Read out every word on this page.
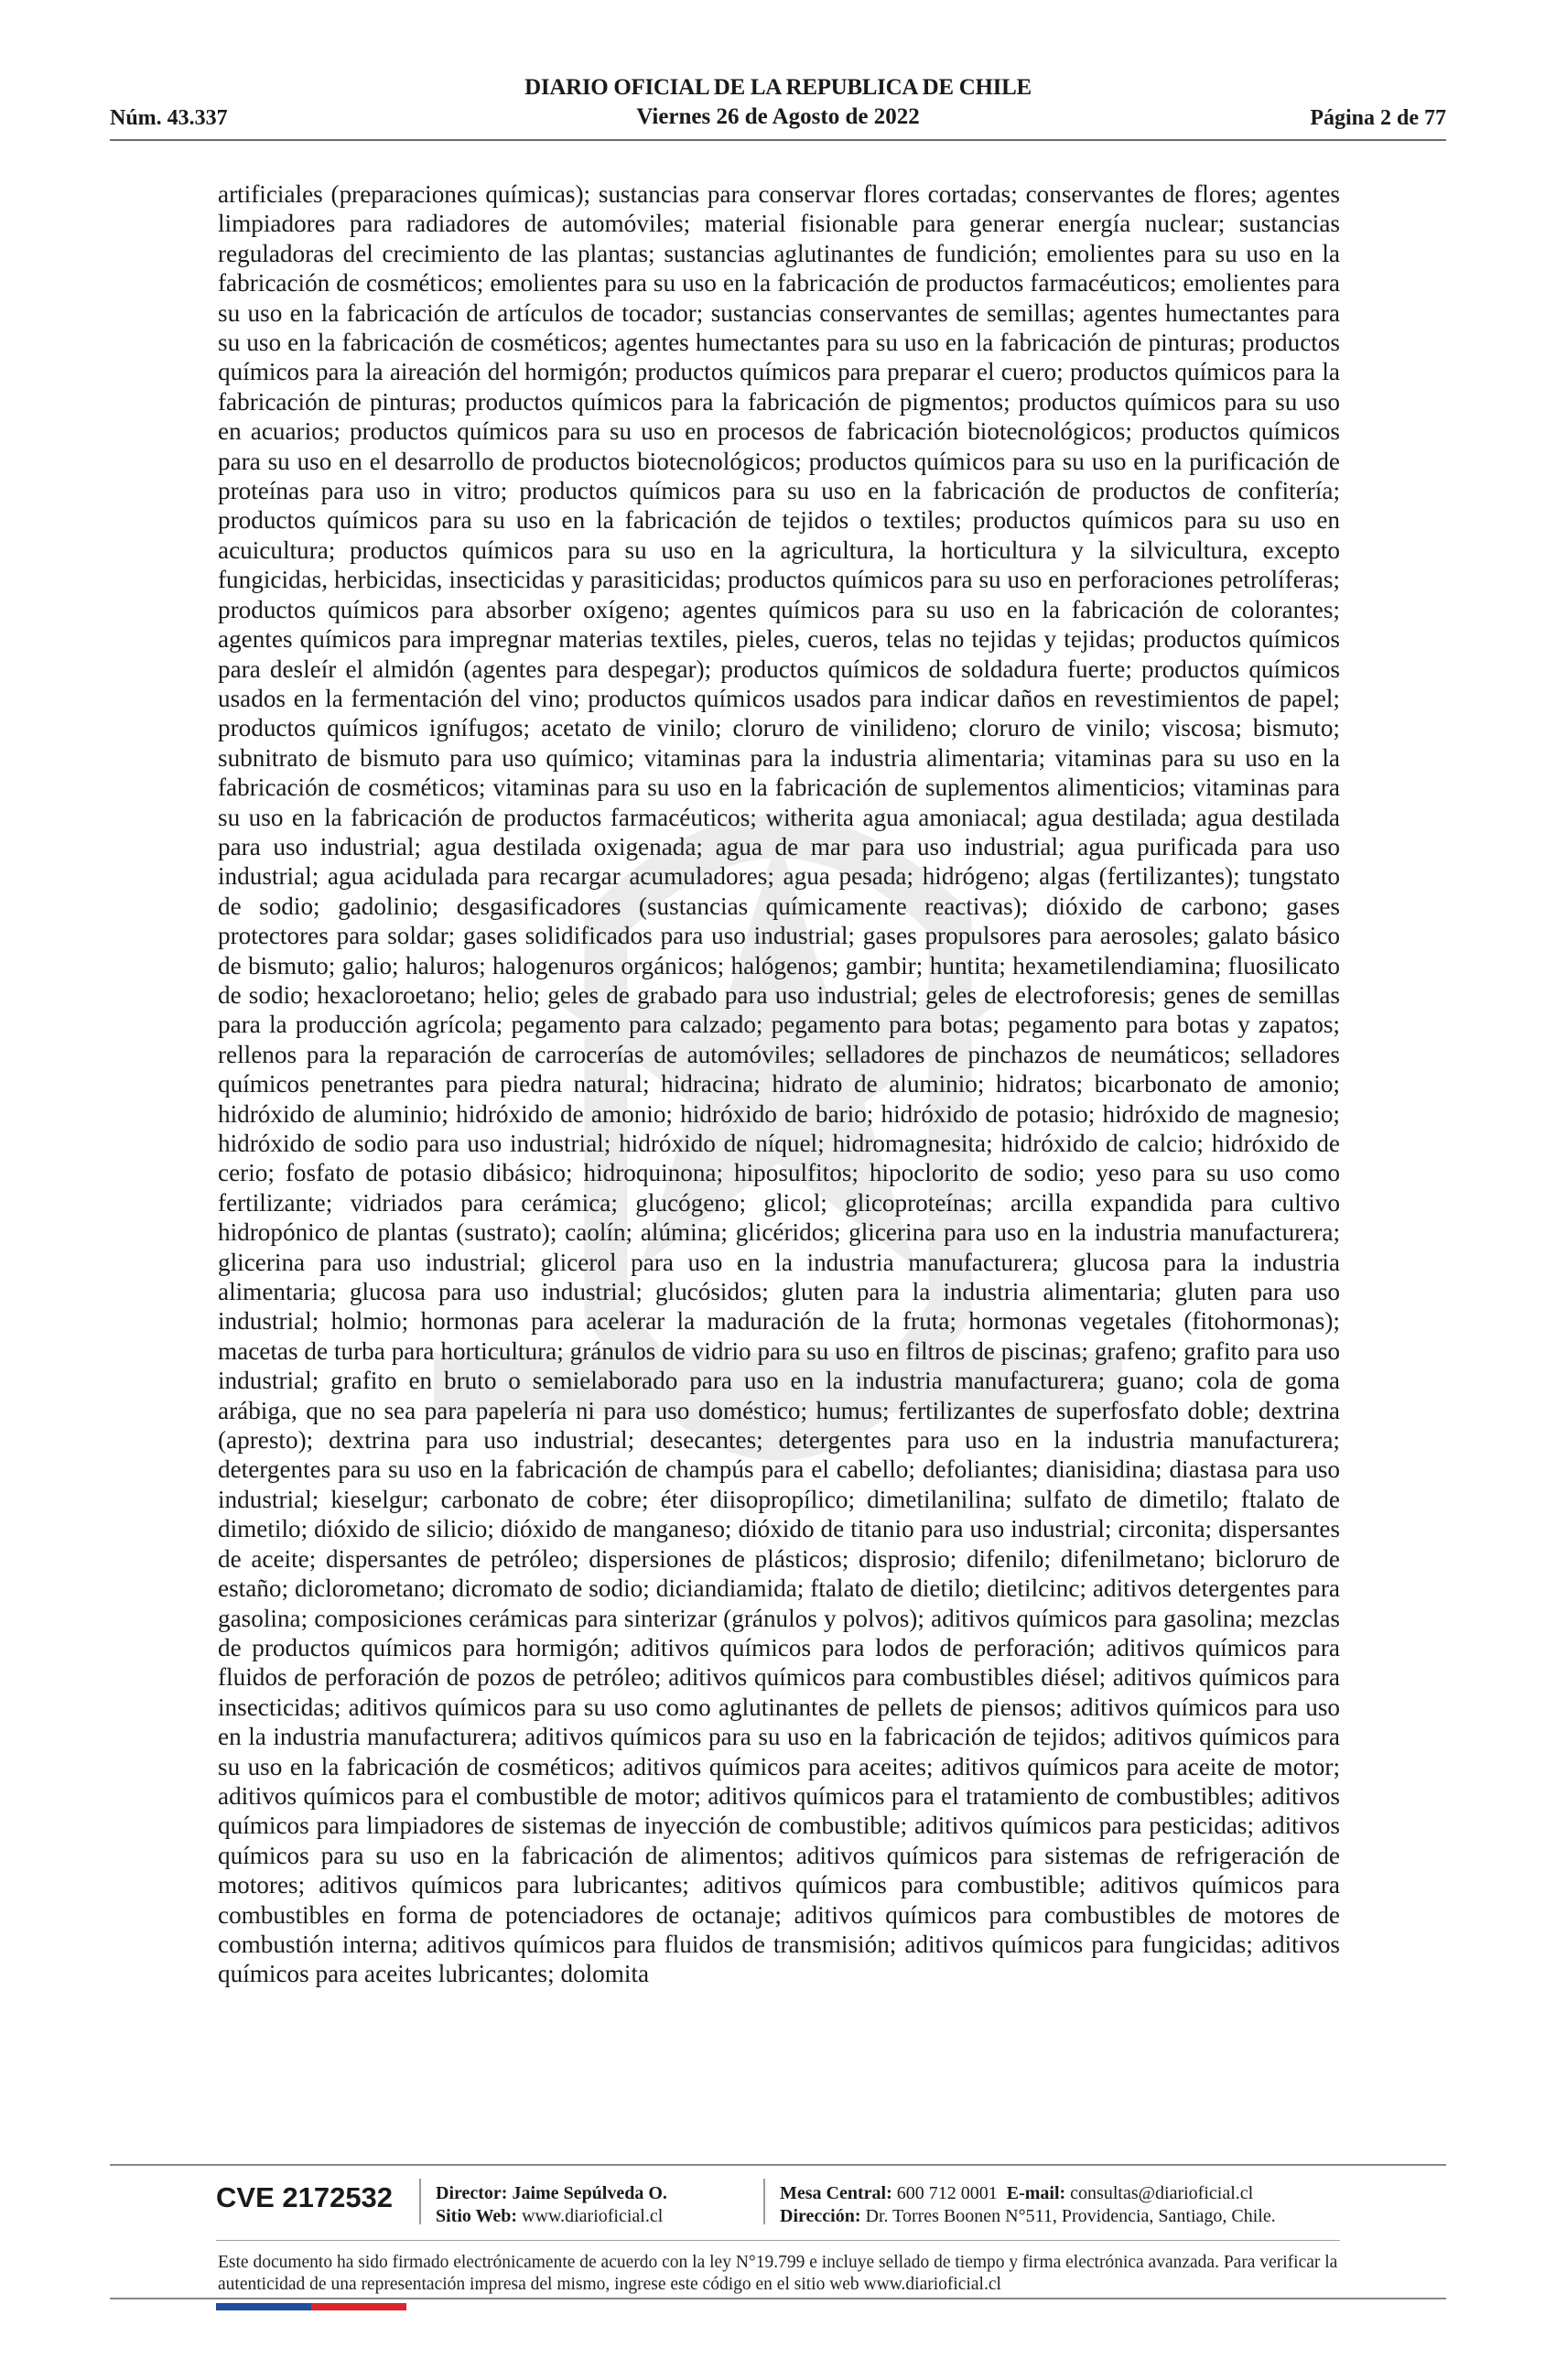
DIARIO OFICIAL DE LA REPUBLICA DE CHILE
Núm. 43.337	Viernes 26 de Agosto de 2022	Página 2 de 77
artificiales (preparaciones químicas); sustancias para conservar flores cortadas; conservantes de flores; agentes limpiadores para radiadores de automóviles; material fisionable para generar energía nuclear; sustancias reguladoras del crecimiento de las plantas; sustancias aglutinantes de fundición; emolientes para su uso en la fabricación de cosméticos; emolientes para su uso en la fabricación de productos farmacéuticos; emolientes para su uso en la fabricación de artículos de tocador; sustancias conservantes de semillas; agentes humectantes para su uso en la fabricación de cosméticos; agentes humectantes para su uso en la fabricación de pinturas; productos químicos para la aireación del hormigón; productos químicos para preparar el cuero; productos químicos para la fabricación de pinturas; productos químicos para la fabricación de pigmentos; productos químicos para su uso en acuarios; productos químicos para su uso en procesos de fabricación biotecnológicos; productos químicos para su uso en el desarrollo de productos biotecnológicos; productos químicos para su uso en la purificación de proteínas para uso in vitro; productos químicos para su uso en la fabricación de productos de confitería; productos químicos para su uso en la fabricación de tejidos o textiles; productos químicos para su uso en acuicultura; productos químicos para su uso en la agricultura, la horticultura y la silvicultura, excepto fungicidas, herbicidas, insecticidas y parasiticidas; productos químicos para su uso en perforaciones petrolíferas; productos químicos para absorber oxígeno; agentes químicos para su uso en la fabricación de colorantes; agentes químicos para impregnar materias textiles, pieles, cueros, telas no tejidas y tejidas; productos químicos para desleír el almidón (agentes para despegar); productos químicos de soldadura fuerte; productos químicos usados en la fermentación del vino; productos químicos usados para indicar daños en revestimientos de papel; productos químicos ignífugos; acetato de vinilo; cloruro de vinilideno; cloruro de vinilo; viscosa; bismuto; subnitrato de bismuto para uso químico; vitaminas para la industria alimentaria; vitaminas para su uso en la fabricación de cosméticos; vitaminas para su uso en la fabricación de suplementos alimenticios; vitaminas para su uso en la fabricación de productos farmacéuticos; witherita agua amoniacal; agua destilada; agua destilada para uso industrial; agua destilada oxigenada; agua de mar para uso industrial; agua purificada para uso industrial; agua acidulada para recargar acumuladores; agua pesada; hidrógeno; algas (fertilizantes); tungstato de sodio; gadolinio; desgasificadores (sustancias químicamente reactivas); dióxido de carbono; gases protectores para soldar; gases solidificados para uso industrial; gases propulsores para aerosoles; galato básico de bismuto; galio; haluros; halogenuros orgánicos; halógenos; gambir; huntita; hexametilendiamina; fluosilicato de sodio; hexacloroetano; helio; geles de grabado para uso industrial; geles de electroforesis; genes de semillas para la producción agrícola; pegamento para calzado; pegamento para botas; pegamento para botas y zapatos; rellenos para la reparación de carrocerías de automóviles; selladores de pinchazos de neumáticos; selladores químicos penetrantes para piedra natural; hidracina; hidrato de aluminio; hidratos; bicarbonato de amonio; hidróxido de aluminio; hidróxido de amonio; hidróxido de bario; hidróxido de potasio; hidróxido de magnesio; hidróxido de sodio para uso industrial; hidróxido de níquel; hidromagnesita; hidróxido de calcio; hidróxido de cerio; fosfato de potasio dibásico; hidroquinona; hiposulfitos; hipoclorito de sodio; yeso para su uso como fertilizante; vidriados para cerámica; glucógeno; glicol; glicoproteínas; arcilla expandida para cultivo hidropónico de plantas (sustrato); caolín; alúmina; glicéridos; glicerina para uso en la industria manufacturera; glicerina para uso industrial; glicerol para uso en la industria manufacturera; glucosa para la industria alimentaria; glucosa para uso industrial; glucósidos; gluten para la industria alimentaria; gluten para uso industrial; holmio; hormonas para acelerar la maduración de la fruta; hormonas vegetales (fitohormonas); macetas de turba para horticultura; gránulos de vidrio para su uso en filtros de piscinas; grafeno; grafito para uso industrial; grafito en bruto o semielaborado para uso en la industria manufacturera; guano; cola de goma arábiga, que no sea para papelería ni para uso doméstico; humus; fertilizantes de superfosfato doble; dextrina (apresto); dextrina para uso industrial; desecantes; detergentes para uso en la industria manufacturera; detergentes para su uso en la fabricación de champús para el cabello; defoliantes; dianisidina; diastasa para uso industrial; kieselgur; carbonato de cobre; éter diisopropílico; dimetilanilina; sulfato de dimetilo; ftalato de dimetilo; dióxido de silicio; dióxido de manganeso; dióxido de titanio para uso industrial; circonita; dispersantes de aceite; dispersantes de petróleo; dispersiones de plásticos; disprosio; difenilo; difenilmetano; bicloruro de estaño; diclorometano; dicromato de sodio; diciandiamida; ftalato de dietilo; dietilcinc; aditivos detergentes para gasolina; composiciones cerámicas para sinterizar (gránulos y polvos); aditivos químicos para gasolina; mezclas de productos químicos para hormigón; aditivos químicos para lodos de perforación; aditivos químicos para fluidos de perforación de pozos de petróleo; aditivos químicos para combustibles diésel; aditivos químicos para insecticidas; aditivos químicos para su uso como aglutinantes de pellets de piensos; aditivos químicos para uso en la industria manufacturera; aditivos químicos para su uso en la fabricación de tejidos; aditivos químicos para su uso en la fabricación de cosméticos; aditivos químicos para aceites; aditivos químicos para aceite de motor; aditivos químicos para el combustible de motor; aditivos químicos para el tratamiento de combustibles; aditivos químicos para limpiadores de sistemas de inyección de combustible; aditivos químicos para pesticidas; aditivos químicos para su uso en la fabricación de alimentos; aditivos químicos para sistemas de refrigeración de motores; aditivos químicos para lubricantes; aditivos químicos para combustible; aditivos químicos para combustibles en forma de potenciadores de octanaje; aditivos químicos para combustibles de motores de combustión interna; aditivos químicos para fluidos de transmisión; aditivos químicos para fungicidas; aditivos químicos para aceites lubricantes; dolomita
CVE 2172532 Director: Jaime Sepúlveda O.
Sitio Web: www.diarioficial.cl
Mesa Central: 600 712 0001 E-mail: consultas@diarioficial.cl
Dirección: Dr. Torres Boonen N°511, Providencia, Santiago, Chile.
Este documento ha sido firmado electrónicamente de acuerdo con la ley N°19.799 e incluye sellado de tiempo y firma electrónica avanzada. Para verificar la autenticidad de una representación impresa del mismo, ingrese este código en el sitio web www.diarioficial.cl
